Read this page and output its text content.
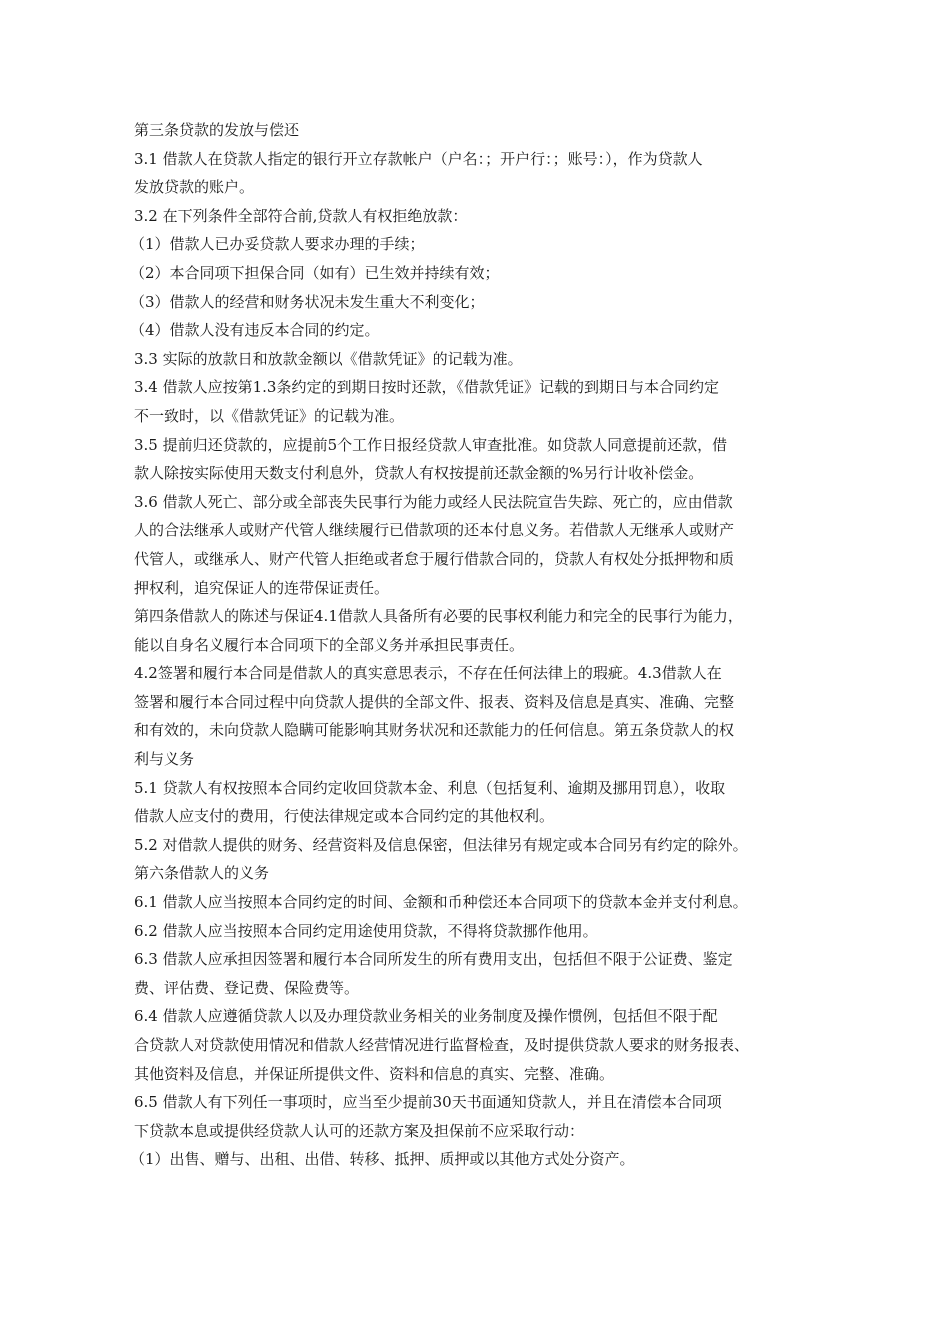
第三条贷款的发放与偿还
3.1 借款人在贷款人指定的银行开立存款帐户（户名：；开户行：；账号：），作为贷款人
发放贷款的账户。
3.2 在下列条件全部符合前,贷款人有权拒绝放款：
（1）借款人已办妥贷款人要求办理的手续；
（2）本合同项下担保合同（如有）已生效并持续有效；
（3）借款人的经营和财务状况未发生重大不利变化；
（4）借款人没有违反本合同的约定。
3.3 实际的放款日和放款金额以《借款凭证》的记载为准。
3.4 借款人应按第1.3条约定的到期日按时还款，《借款凭证》记载的到期日与本合同约定
不一致时，以《借款凭证》的记载为准。
3.5 提前归还贷款的，应提前5个工作日报经贷款人审查批准。如贷款人同意提前还款，借
款人除按实际使用天数支付利息外，贷款人有权按提前还款金额的%另行计收补偿金。
3.6 借款人死亡、部分或全部丧失民事行为能力或经人民法院宣告失踪、死亡的，应由借款
人的合法继承人或财产代管人继续履行已借款项的还本付息义务。若借款人无继承人或财产
代管人，或继承人、财产代管人拒绝或者怠于履行借款合同的，贷款人有权处分抵押物和质
押权利，追究保证人的连带保证责任。
第四条借款人的陈述与保证4.1借款人具备所有必要的民事权利能力和完全的民事行为能力，
能以自身名义履行本合同项下的全部义务并承担民事责任。
4.2签署和履行本合同是借款人的真实意思表示，不存在任何法律上的瑕疵。4.3借款人在
签署和履行本合同过程中向贷款人提供的全部文件、报表、资料及信息是真实、准确、完整
和有效的，未向贷款人隐瞒可能影响其财务状况和还款能力的任何信息。第五条贷款人的权
利与义务
5.1 贷款人有权按照本合同约定收回贷款本金、利息（包括复利、逾期及挪用罚息），收取
借款人应支付的费用，行使法律规定或本合同约定的其他权利。
5.2 对借款人提供的财务、经营资料及信息保密，但法律另有规定或本合同另有约定的除外。
第六条借款人的义务
6.1 借款人应当按照本合同约定的时间、金额和币种偿还本合同项下的贷款本金并支付利息。
6.2 借款人应当按照本合同约定用途使用贷款，不得将贷款挪作他用。
6.3 借款人应承担因签署和履行本合同所发生的所有费用支出，包括但不限于公证费、鉴定
费、评估费、登记费、保险费等。
6.4 借款人应遵循贷款人以及办理贷款业务相关的业务制度及操作惯例，包括但不限于配
合贷款人对贷款使用情况和借款人经营情况进行监督检查，及时提供贷款人要求的财务报表、
其他资料及信息，并保证所提供文件、资料和信息的真实、完整、准确。
6.5 借款人有下列任一事项时，应当至少提前30天书面通知贷款人，并且在清偿本合同项
下贷款本息或提供经贷款人认可的还款方案及担保前不应采取行动：
（1）出售、赠与、出租、出借、转移、抵押、质押或以其他方式处分资产。
